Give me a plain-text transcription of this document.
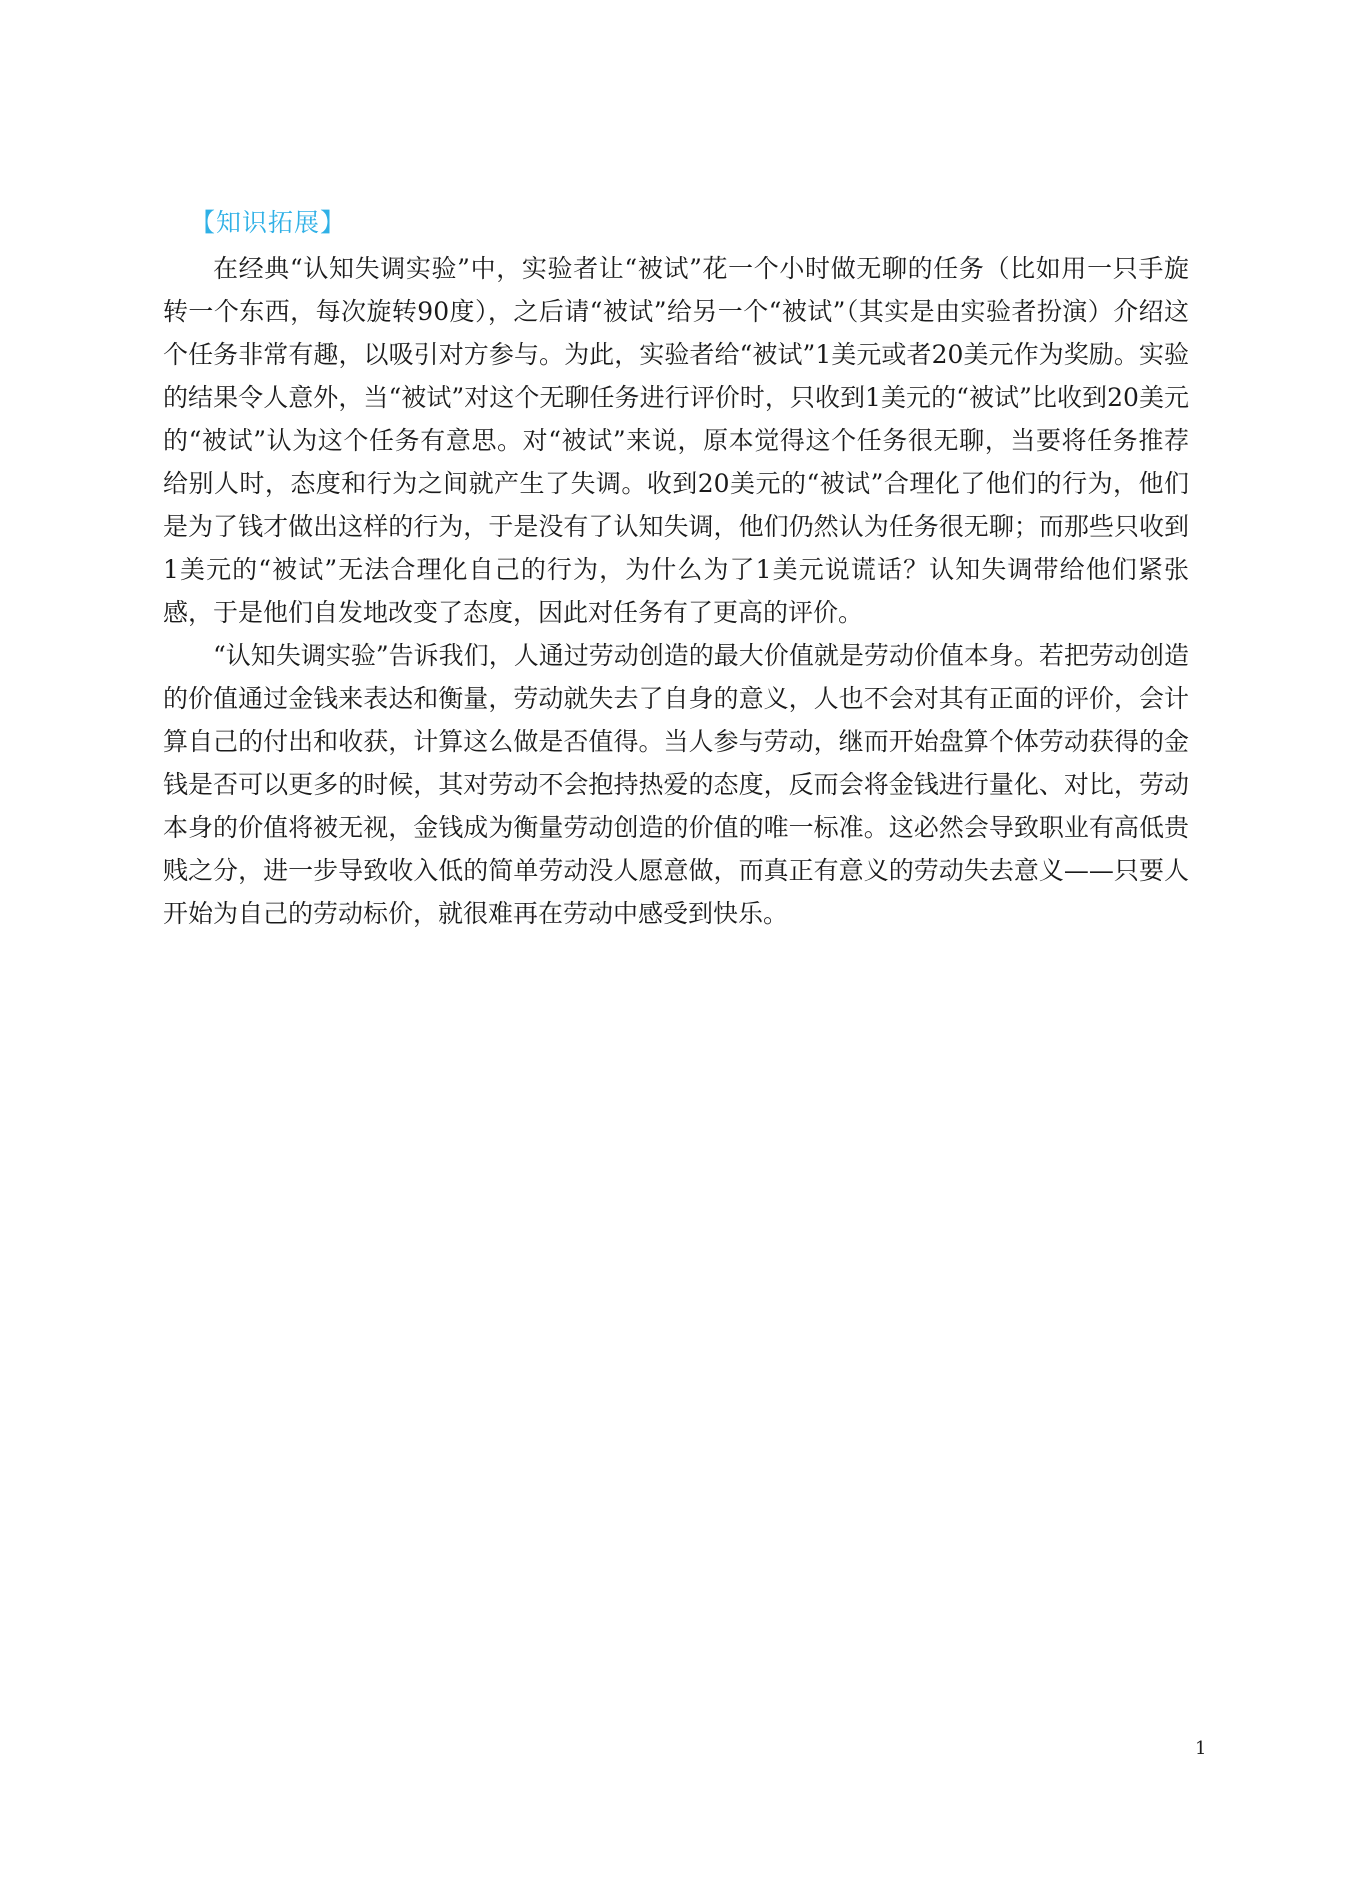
【知识拓展】

在经典“认知失调实验”中，实验者让“被试”花一个小时做无聊的任务（比如用一只手旋转一个东西，每次旋转90度），之后请“被试”给另一个“被试”（其实是由实验者扮演）介绍这个任务非常有趣，以吸引对方参与。为此，实验者给“被试”1美元或者20美元作为奖励。实验的结果令人意外，当“被试”对这个无聊任务进行评价时，只收到1美元的“被试”比收到20美元的“被试”认为这个任务有意思。对“被试”来说，原本觉得这个任务很无聊，当要将任务推荐给别人时，态度和行为之间就产生了失调。收到20美元的“被试”合理化了他们的行为，他们是为了钱才做出这样的行为，于是没有了认知失调，他们仍然认为任务很无聊；而那些只收到1美元的“被试”无法合理化自己的行为，为什么为了1美元说谎话？认知失调带给他们紧张感，于是他们自发地改变了态度，因此对任务有了更高的评价。

“认知失调实验”告诉我们，人通过劳动创造的最大价值就是劳动价值本身。若把劳动创造的价值通过金钱来表达和衡量，劳动就失去了自身的意义，人也不会对其有正面的评价，会计算自己的付出和收获，计算这么做是否值得。当人参与劳动，继而开始盘算个体劳动获得的金钱是否可以更多的时候，其对劳动不会抱持热爱的态度，反而会将金钱进行量化、对比，劳动本身的价值将被无视，金钱成为衡量劳动创造的价值的唯一标准。这必然会导致职业有高低贵贱之分，进一步导致收入低的简单劳动没人愿意做，而真正有意义的劳动失去意义——只要人开始为自己的劳动标价，就很难再在劳动中感受到快乐。

1
